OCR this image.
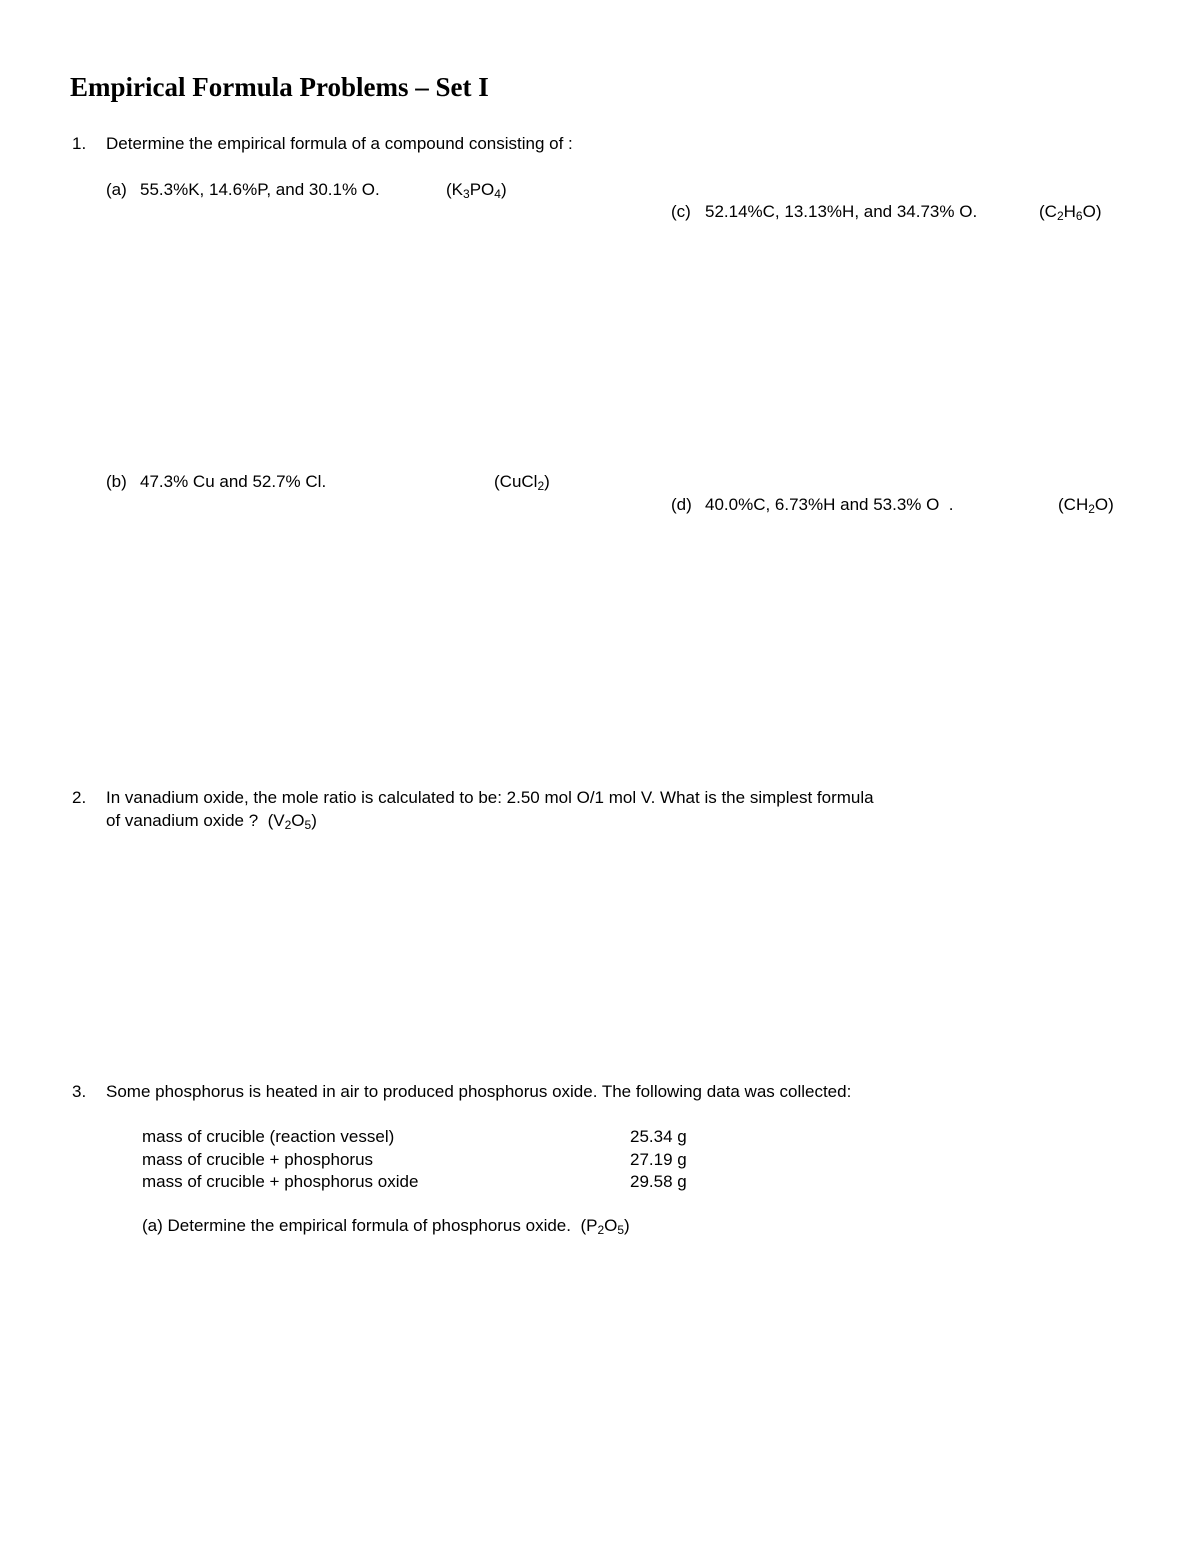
Empirical Formula Problems – Set I
1. Determine the empirical formula of a compound consisting of :
(a) 55.3%K, 14.6%P, and 30.1% O.	$(K_3PO_4)$
(c) 52.14%C, 13.13%H, and 34.73% O.	$(C_2H_6O)$
(b) 47.3% Cu and 52.7% Cl.	(CuCl$_2$)
(d) 40.0%C, 6.73%H and 53.3% O  .	$(CH_2O)$
2. In vanadium oxide, the mole ratio is calculated to be: 2.50 mol O/1 mol V. What is the simplest formula
of vanadium oxide ? $(V_2O_5)$
3. Some phosphorus is heated in air to produced phosphorus oxide. The following data was collected:
mass of crucible (reaction vessel)	25.34 g
mass of crucible + phosphorus	27.19 g
mass of crucible + phosphorus oxide	29.58 g
(a) Determine the empirical formula of phosphorus oxide. $(P_2O_5)$
